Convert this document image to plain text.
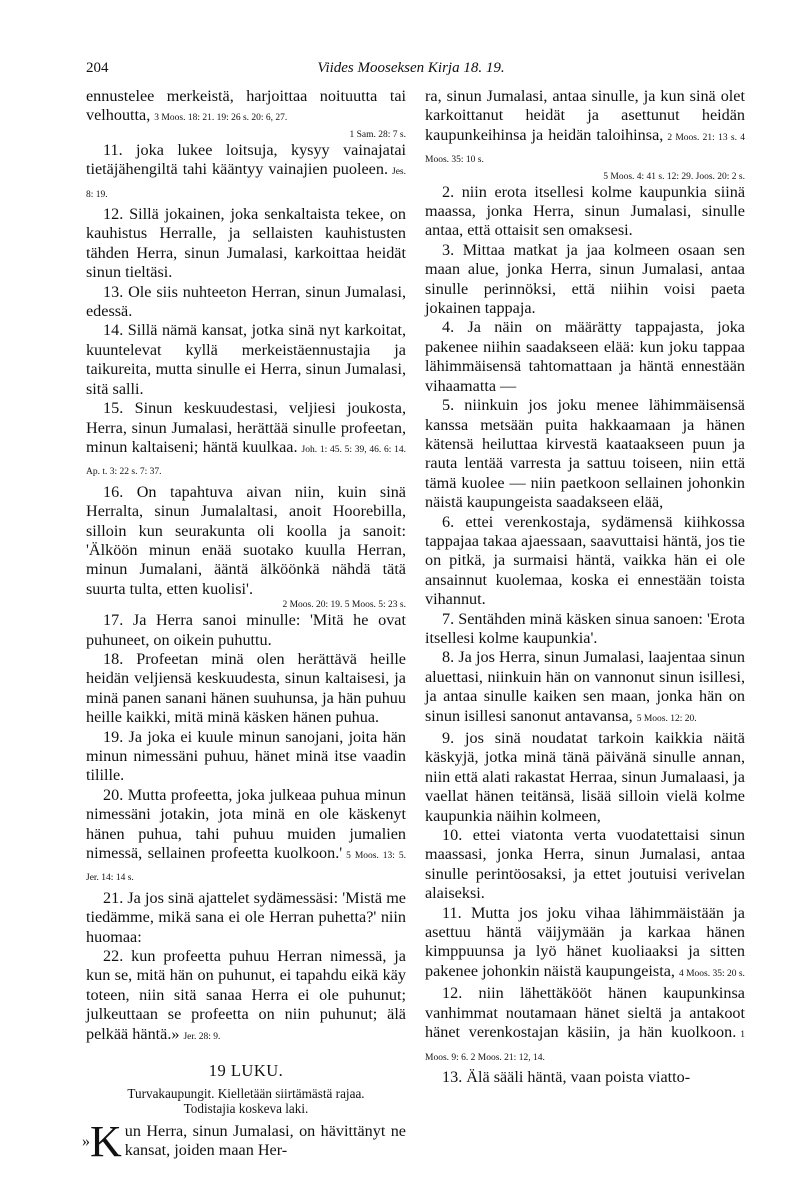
204	Viides Mooseksen Kirja 18. 19.

ennustelee merkeistä, harjoittaa noituutta tai velhoutta, 3 Moos. 18: 21. 19: 26 s. 20: 6, 27.

1 Sam. 28: 7 s.

11. joka lukee loitsuja, kysyy vainajatai tietäjähengiltä tahi kääntyy vainajien puoleen. Jes. 8: 19.

12. Sillä jokainen, joka senkaltaista tekee, on kauhistus Herralle, ja sellaisten kauhistusten tähden Herra, sinun Jumalasi, karkoittaa heidät sinun tieltäsi.

13. Ole siis nuhteeton Herran, sinun Jumalasi, edessä.

14. Sillä nämä kansat, jotka sinä nyt karkoitat, kuuntelevat kyllä merkeistäennustajia ja taikureita, mutta sinulle ei Herra, sinun Jumalasi, sitä salli.

15. Sinun keskuudestasi, veljiesi joukosta, Herra, sinun Jumalasi, herättää sinulle profeetan, minun kaltaiseni; häntä kuulkaa. Joh. 1: 45. 5: 39, 46. 6: 14. Ap. t. 3: 22 s. 7: 37.

16. On tapahtuva aivan niin, kuin sinä Herralta, sinun Jumalaltasi, anoit Hoorebilla, silloin kun seurakunta oli koolla ja sanoit: 'Älköön minun enää suotako kuulla Herran, minun Jumalani, ääntä älköönkä nähdä tätä suurta tulta, etten kuolisi'.

2 Moos. 20: 19. 5 Moos. 5: 23 s.

17. Ja Herra sanoi minulle: 'Mitä he ovat puhuneet, on oikein puhuttu.

18. Profeetan minä olen herättävä heille heidän veljiensä keskuudesta, sinun kaltaisesi, ja minä panen sanani hänen suuhunsa, ja hän puhuu heille kaikki, mitä minä käsken hänen puhua.

19. Ja joka ei kuule minun sanojani, joita hän minun nimessäni puhuu, hänet minä itse vaadin tilille.

20. Mutta profeetta, joka julkeaa puhua minun nimessäni jotakin, jota minä en ole käskenyt hänen puhua, tahi puhuu muiden jumalien nimessä, sellainen profeetta kuolkoon.' 5 Moos. 13: 5. Jer. 14: 14 s.

21. Ja jos sinä ajattelet sydämessäsi: 'Mistä me tiedämme, mikä sana ei ole Herran puhetta?' niin huomaa:

22. kun profeetta puhuu Herran nimessä, ja kun se, mitä hän on puhunut, ei tapahdu eikä käy toteen, niin sitä sanaa Herra ei ole puhunut; julkeuttaan se profeetta on niin puhunut; älä pelkää häntä.» Jer. 28: 9.

19 LUKU.

Turvakaupungit. Kielletään siirtämästä rajaa.
Todistajia koskeva laki.

»K un Herra, sinun Jumalasi, on hävittänyt ne kansat, joiden maan Her-

ra, sinun Jumalasi, antaa sinulle, ja kun sinä olet karkoittanut heidät ja asettunut heidän kaupunkeihinsa ja heidän taloihinsa, 2 Moos. 21: 13 s. 4 Moos. 35: 10 s.

5 Moos. 4: 41 s. 12: 29. Joos. 20: 2 s.

2. niin erota itsellesi kolme kaupunkia siinä maassa, jonka Herra, sinun Jumalasi, sinulle antaa, että ottaisit sen omaksesi.

3. Mittaa matkat ja jaa kolmeen osaan sen maan alue, jonka Herra, sinun Jumalasi, antaa sinulle perinnöksi, että niihin voisi paeta jokainen tappaja.

4. Ja näin on määrätty tappajasta, joka pakenee niihin saadakseen elää: kun joku tappaa lähimmäisensä tahtomattaan ja häntä ennestään vihaamatta —

5. niinkuin jos joku menee lähimmäisensä kanssa metsään puita hakkaamaan ja hänen kätensä heiluttaa kirvestä kaataakseen puun ja rauta lentää varresta ja sattuu toiseen, niin että tämä kuolee — niin paetkoon sellainen johonkin näistä kaupungeista saadakseen elää,

6. ettei verenkostaja, sydämensä kiihkossa tappajaa takaa ajaessaan, saavuttaisi häntä, jos tie on pitkä, ja surmaisi häntä, vaikka hän ei ole ansainnut kuolemaa, koska ei ennestään toista vihannut.

7. Sentähden minä käsken sinua sanoen: 'Erota itsellesi kolme kaupunkia'.

8. Ja jos Herra, sinun Jumalasi, laajentaa sinun aluettasi, niinkuin hän on vannonut sinun isillesi, ja antaa sinulle kaiken sen maan, jonka hän on sinun isillesi sanonut antavansa, 5 Moos. 12: 20.

9. jos sinä noudatat tarkoin kaikkia näitä käskyjä, jotka minä tänä päivänä sinulle annan, niin että alati rakastat Herraa, sinun Jumalaasi, ja vaellat hänen teitänsä, lisää silloin vielä kolme kaupunkia näihin kolmeen,

10. ettei viatonta verta vuodatettaisi sinun maassasi, jonka Herra, sinun Jumalasi, antaa sinulle perintöosaksi, ja ettet joutuisi verivelan alaiseksi.

11. Mutta jos joku vihaa lähimmäistään ja asettuu häntä väijymään ja karkaa hänen kimppuunsa ja lyö hänet kuoliaaksi ja sitten pakenee johonkin näistä kaupungeista, 4 Moos. 35: 20 s.

12. niin lähettäkööt hänen kaupunkinsa vanhimmat noutamaan hänet sieltä ja antakoot hänet verenkostajan käsiin, ja hän kuolkoon. 1 Moos. 9: 6. 2 Moos. 21: 12, 14.

13. Älä sääli häntä, vaan poista viatto-
